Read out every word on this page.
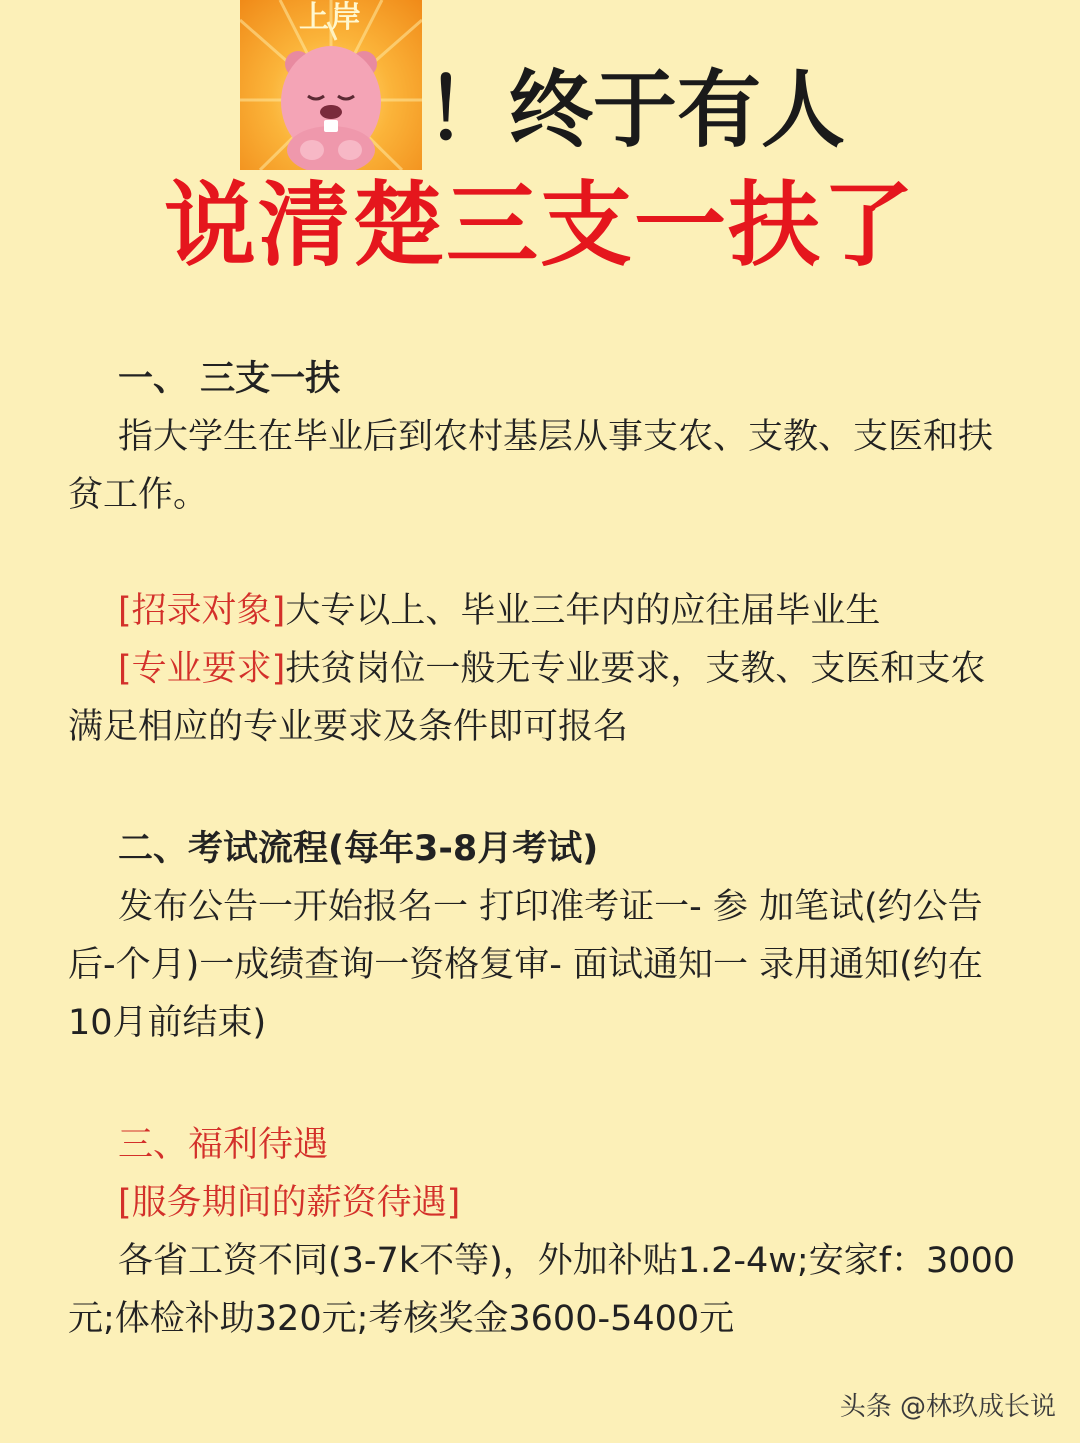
上岸
！终于有人
说清楚三支一扶了

一、 三支一扶

指大学生在毕业后到农村基层从事支农、支教、支医和扶贫工作。

[招录对象]大专以上、毕业三年内的应往届毕业生

[专业要求]扶贫岗位一般无专业要求，支教、支医和支农满足相应的专业要求及条件即可报名

二、考试流程(每年3-8月考试)

发布公告一开始报名一 打印准考证一- 参 加笔试(约公告后-个月)一成绩查询一资格复审- 面试通知一 录用通知(约在10月前结束)

三、福利待遇

[服务期间的薪资待遇]

各省工资不同(3-7k不等)，外加补贴1.2-4w;安家f：3000元;体检补助320元;考核奖金3600-5400元

头条 @林玖成长说
